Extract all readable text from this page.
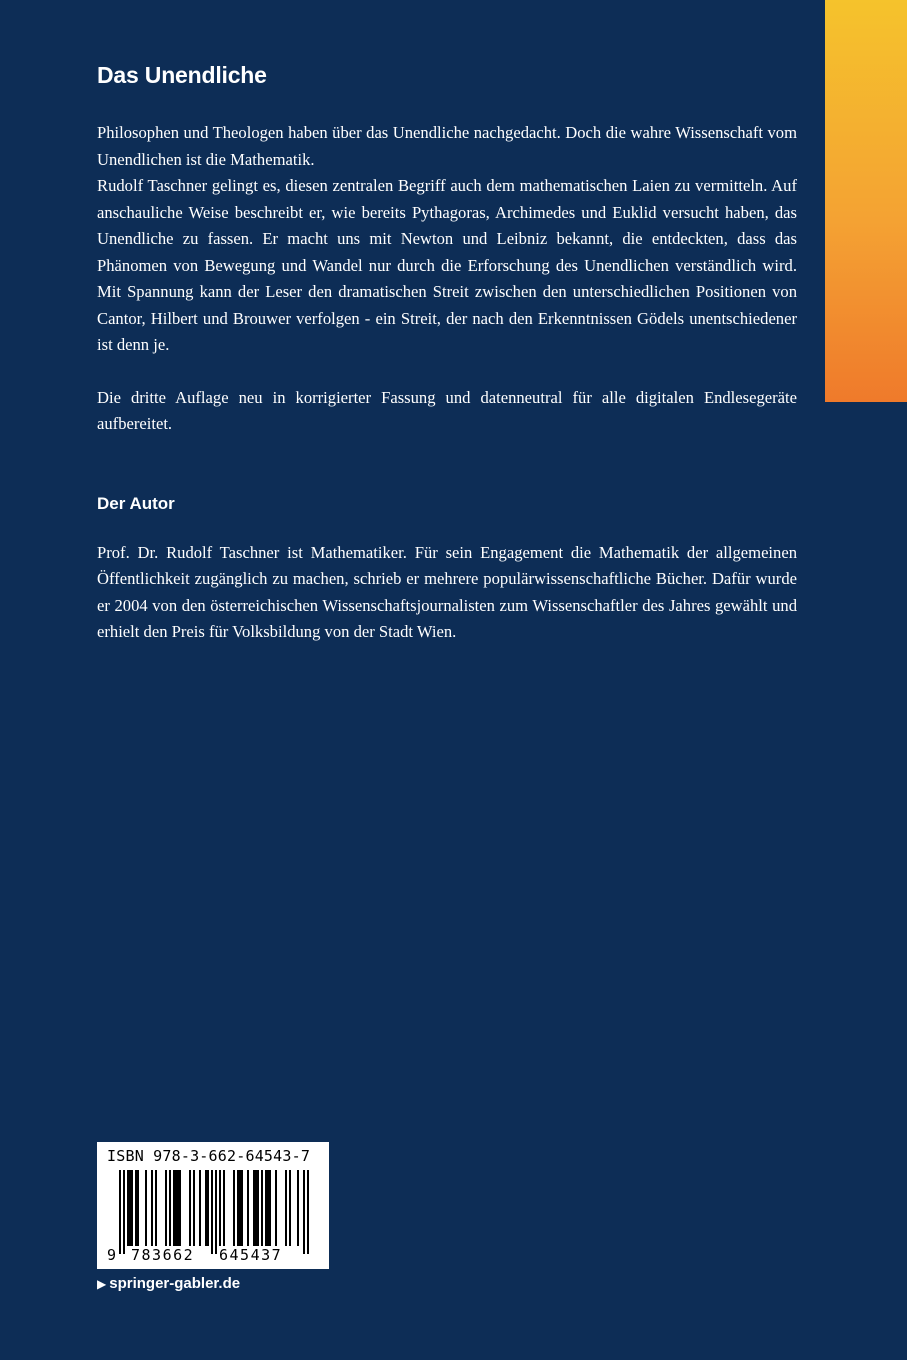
Das Unendliche

Philosophen und Theologen haben über das Unendliche nachgedacht. Doch die wahre Wissenschaft vom Unendlichen ist die Mathematik.

Rudolf Taschner gelingt es, diesen zentralen Begriff auch dem mathematischen Laien zu vermitteln. Auf anschauliche Weise beschreibt er, wie bereits Pythagoras, Archimedes und Euklid versucht haben, das Unendliche zu fassen. Er macht uns mit Newton und Leibniz bekannt, die entdeckten, dass das Phänomen von Bewegung und Wandel nur durch die Erforschung des Unendlichen verständlich wird. Mit Spannung kann der Leser den dramatischen Streit zwischen den unterschiedlichen Positionen von Cantor, Hilbert und Brouwer verfolgen - ein Streit, der nach den Erkenntnissen Gödels unentschiedener ist denn je.

Die dritte Auflage neu in korrigierter Fassung und datenneutral für alle digitalen Endlesegeräte aufbereitet.

Der Autor

Prof. Dr. Rudolf Taschner ist Mathematiker. Für sein Engagement die Mathematik der allgemeinen Öffentlichkeit zugänglich zu machen, schrieb er mehrere populärwissenschaftliche Bücher. Dafür wurde er 2004 von den österreichischen Wissenschaftsjournalisten zum Wissenschaftler des Jahres gewählt und erhielt den Preis für Volksbildung von der Stadt Wien.

ISBN 978-3-662-64543-7
9 783662 645437
▶ springer-gabler.de
